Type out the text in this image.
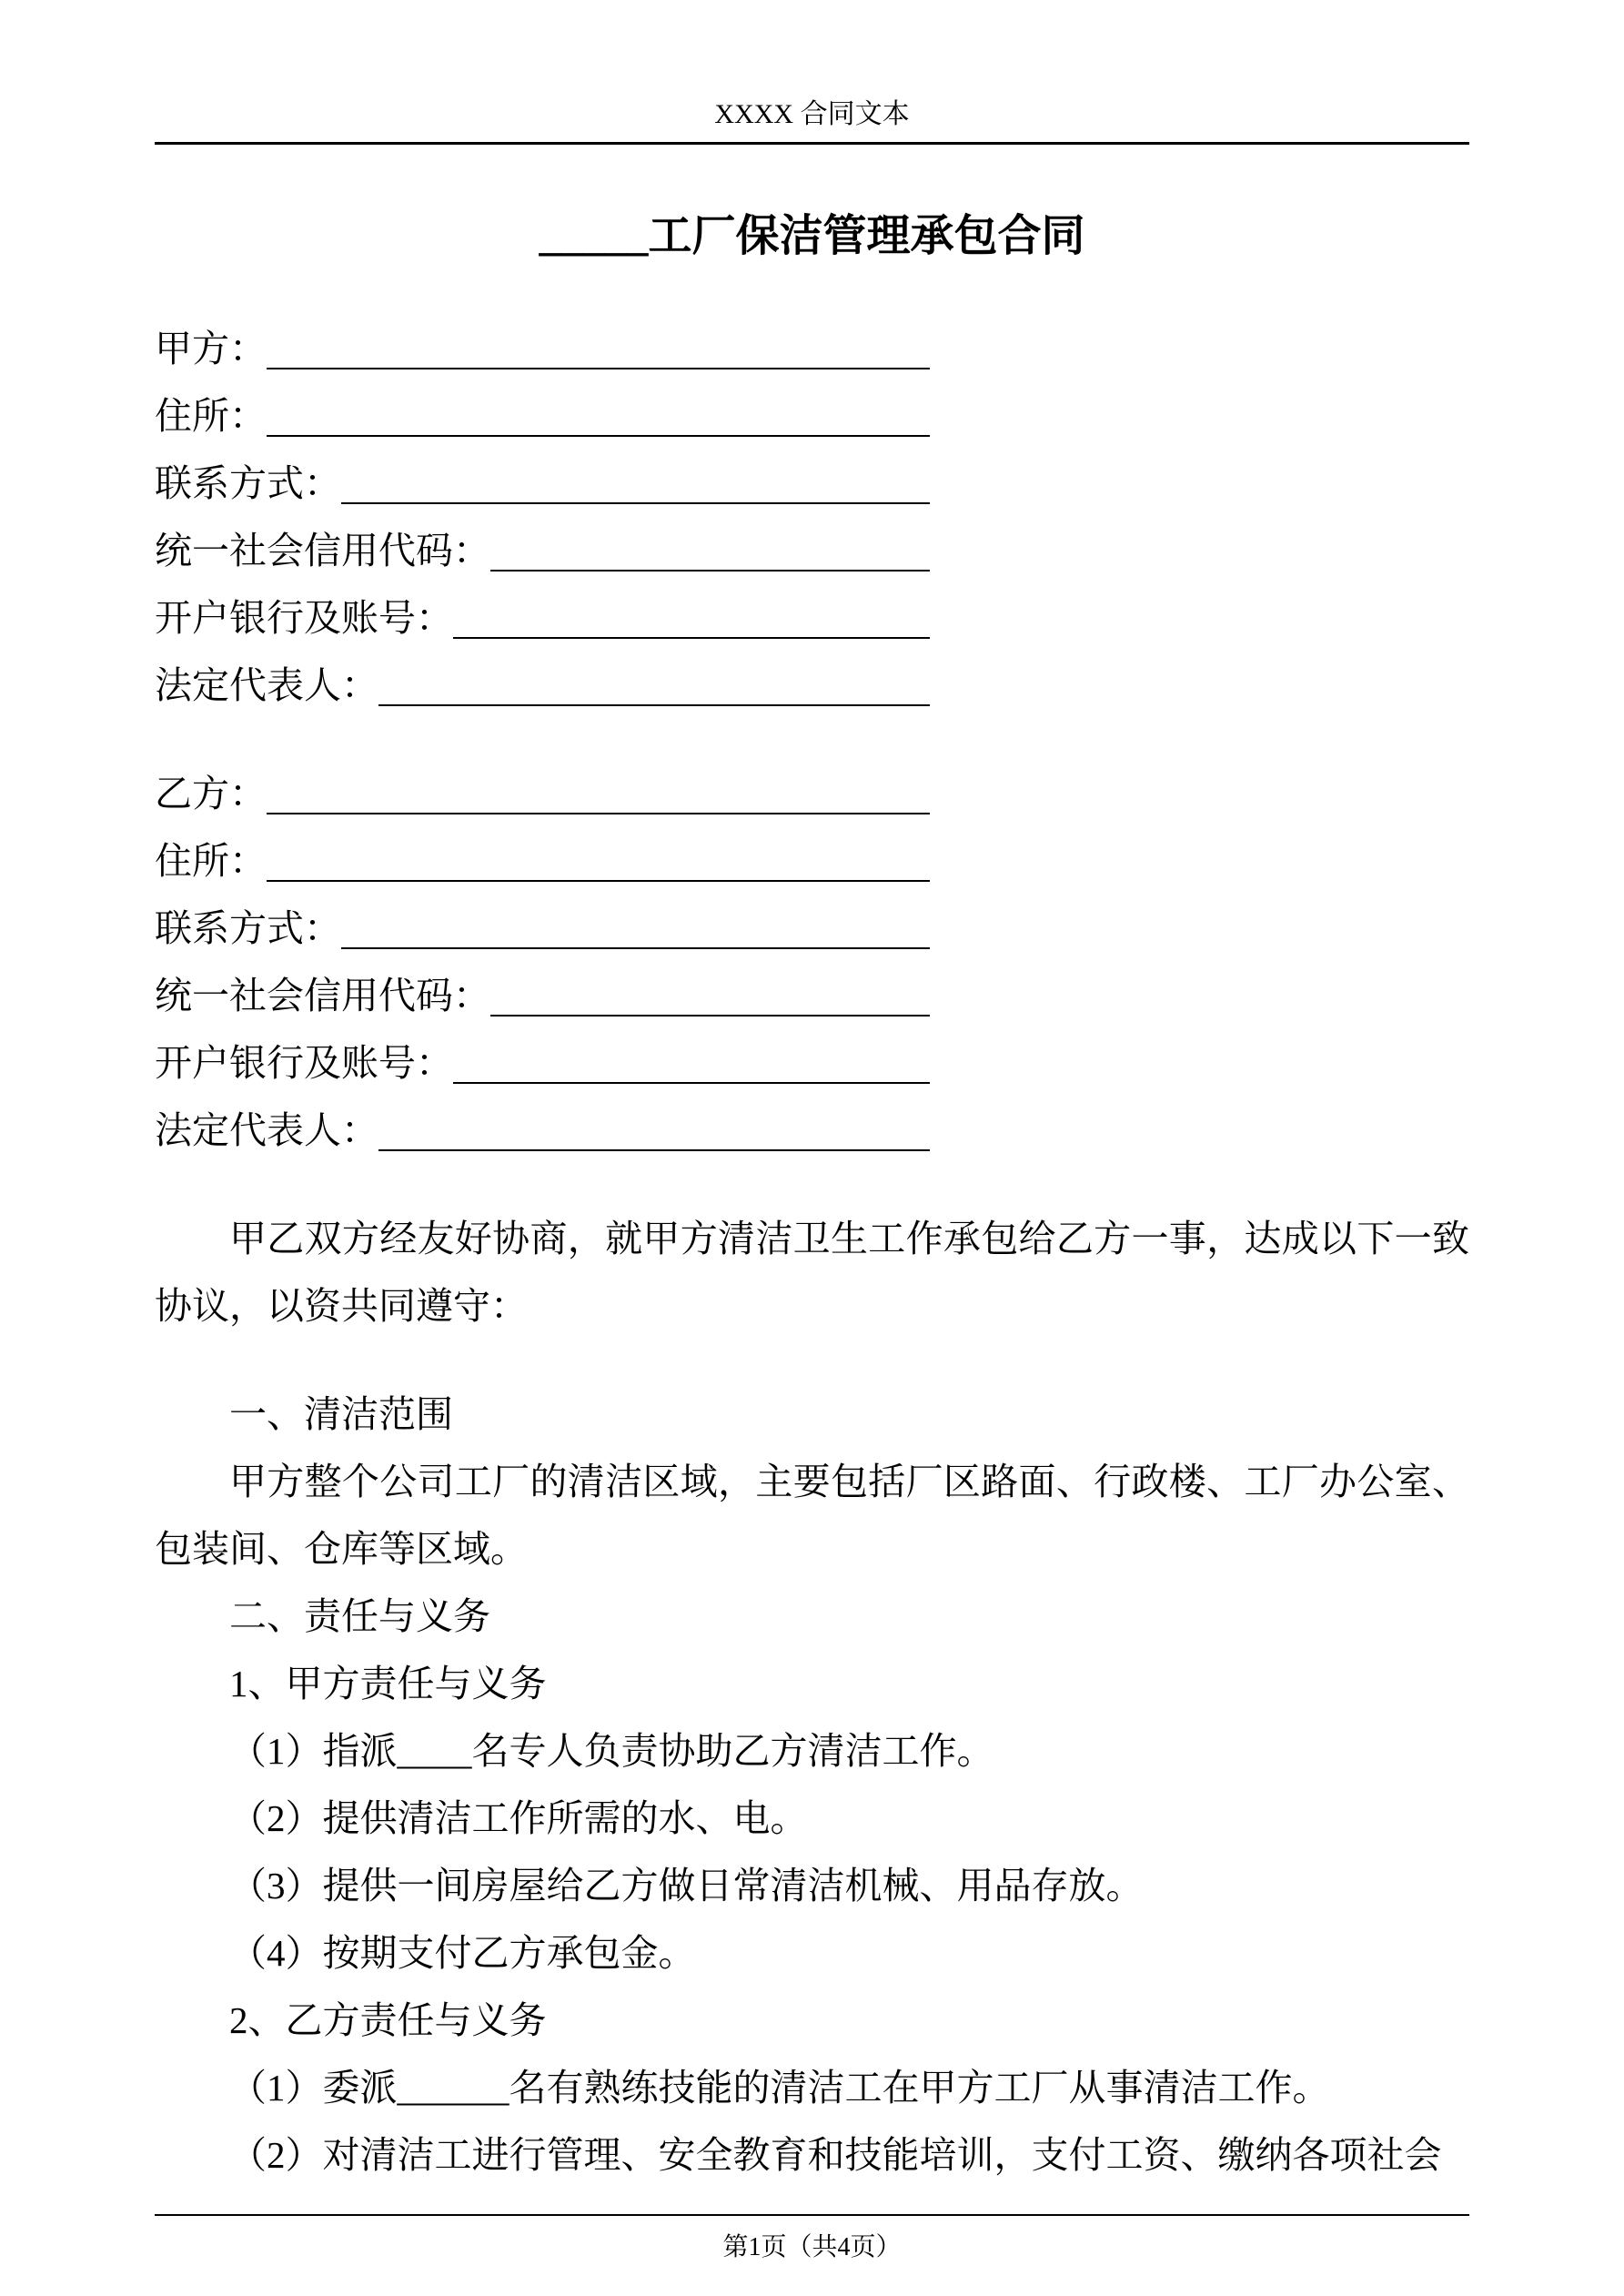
XXXX 合同文本
_____工厂保洁管理承包合同
甲方：
住所：
联系方式：
统一社会信用代码：
开户银行及账号：
法定代表人：
乙方：
住所：
联系方式：
统一社会信用代码：
开户银行及账号：
法定代表人：

甲乙双方经友好协商，就甲方清洁卫生工作承包给乙方一事，达成以下一致协议，以资共同遵守：

一、清洁范围

甲方整个公司工厂的清洁区域，主要包括厂区路面、行政楼、工厂办公室、包装间、仓库等区域。

二、责任与义务

1、甲方责任与义务

（1）指派____名专人负责协助乙方清洁工作。

（2）提供清洁工作所需的水、电。

（3）提供一间房屋给乙方做日常清洁机械、用品存放。

（4）按期支付乙方承包金。

2、乙方责任与义务

（1）委派______名有熟练技能的清洁工在甲方工厂从事清洁工作。

（2）对清洁工进行管理、安全教育和技能培训，支付工资、缴纳各项社会

第1页（共4页）
